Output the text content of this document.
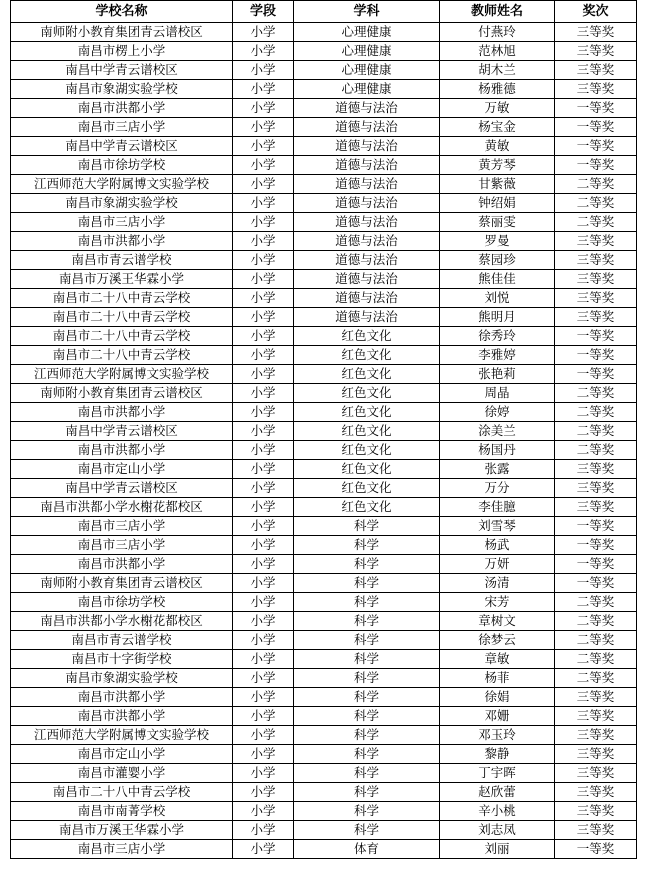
学校名称	学段	学科	教师姓名	奖次
南师附小教育集团青云谱校区	小学	心理健康	付燕玲	三等奖
南昌市楞上小学	小学	心理健康	范林旭	三等奖
南昌中学青云谱校区	小学	心理健康	胡木兰	三等奖
南昌市象湖实验学校	小学	心理健康	杨雅德	三等奖
南昌市洪都小学	小学	道德与法治	万敏	一等奖
南昌市三店小学	小学	道德与法治	杨宝金	一等奖
南昌中学青云谱校区	小学	道德与法治	黄敏	一等奖
南昌市徐坊学校	小学	道德与法治	黄芳琴	一等奖
江西师范大学附属博文实验学校	小学	道德与法治	甘紫薇	二等奖
南昌市象湖实验学校	小学	道德与法治	钟绍娟	二等奖
南昌市三店小学	小学	道德与法治	蔡丽雯	二等奖
南昌市洪都小学	小学	道德与法治	罗曼	三等奖
南昌市青云谱学校	小学	道德与法治	蔡园珍	三等奖
南昌市万溪王华霖小学	小学	道德与法治	熊佳佳	三等奖
南昌市二十八中青云学校	小学	道德与法治	刘悦	三等奖
南昌市二十八中青云学校	小学	道德与法治	熊明月	三等奖
南昌市二十八中青云学校	小学	红色文化	徐秀玲	一等奖
南昌市二十八中青云学校	小学	红色文化	李雅婷	一等奖
江西师范大学附属博文实验学校	小学	红色文化	张艳莉	一等奖
南师附小教育集团青云谱校区	小学	红色文化	周晶	二等奖
南昌市洪都小学	小学	红色文化	徐婷	二等奖
南昌中学青云谱校区	小学	红色文化	涂美兰	二等奖
南昌市洪都小学	小学	红色文化	杨国丹	二等奖
南昌市定山小学	小学	红色文化	张露	三等奖
南昌中学青云谱校区	小学	红色文化	万分	三等奖
南昌市洪都小学水榭花都校区	小学	红色文化	李佳臆	三等奖
南昌市三店小学	小学	科学	刘雪琴	一等奖
南昌市三店小学	小学	科学	杨武	一等奖
南昌市洪都小学	小学	科学	万妍	一等奖
南师附小教育集团青云谱校区	小学	科学	汤清	一等奖
南昌市徐坊学校	小学	科学	宋芳	二等奖
南昌市洪都小学水榭花都校区	小学	科学	章树文	二等奖
南昌市青云谱学校	小学	科学	徐梦云	二等奖
南昌市十字街学校	小学	科学	章敏	二等奖
南昌市象湖实验学校	小学	科学	杨菲	二等奖
南昌市洪都小学	小学	科学	徐娟	三等奖
南昌市洪都小学	小学	科学	邓姗	三等奖
江西师范大学附属博文实验学校	小学	科学	邓玉玲	三等奖
南昌市定山小学	小学	科学	黎静	三等奖
南昌市灌婴小学	小学	科学	丁宇晖	三等奖
南昌市二十八中青云学校	小学	科学	赵欣蕾	三等奖
南昌市南菁学校	小学	科学	辛小桃	三等奖
南昌市万溪王华霖小学	小学	科学	刘志凤	三等奖
南昌市三店小学	小学	体育	刘丽	一等奖
